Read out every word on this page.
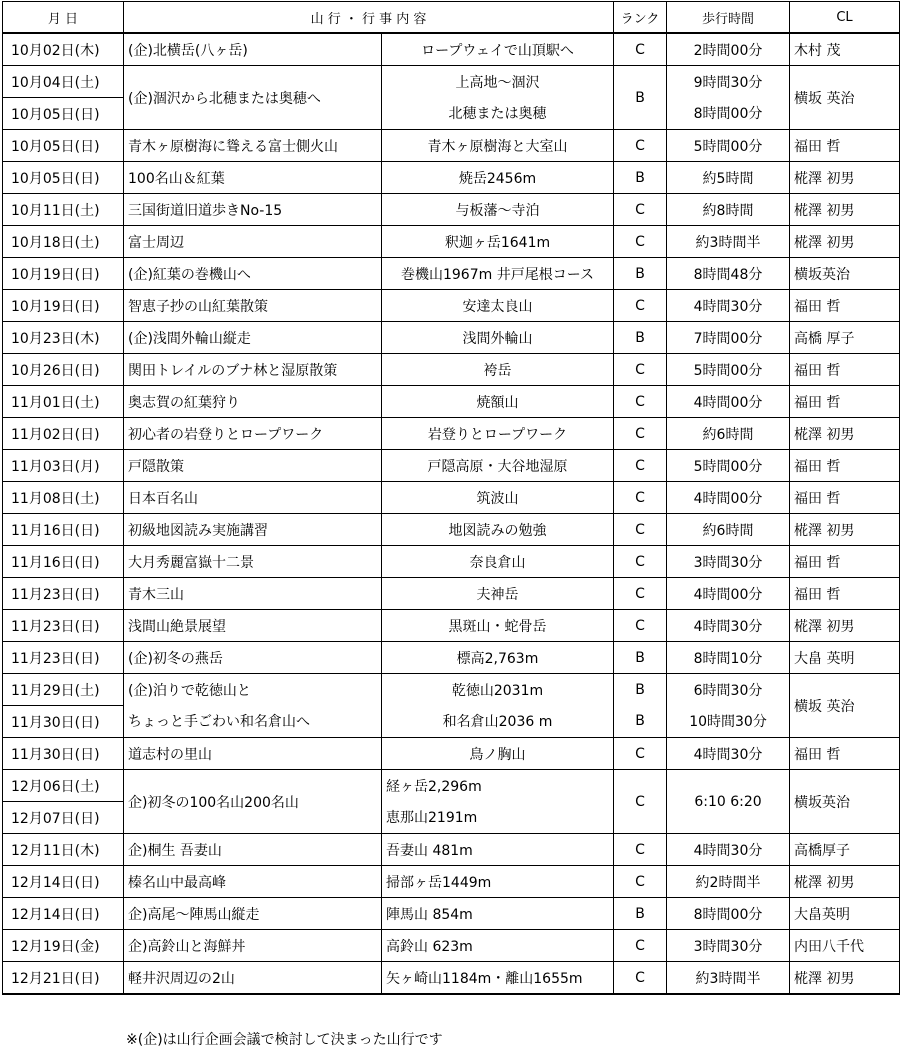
月 日	山 行 ・ 行 事 内 容		ランク	歩行時間	CL
10月02日(木)	(企)北横岳(八ヶ岳)	ロープウェイで山頂駅へ	C	2時間00分	木村 茂
10月04日(土)	(企)涸沢から北穂または奥穂へ	上高地～涸沢	B	9時間30分	横坂 英治
10月05日(日)		北穂または奥穂		8時間00分	
10月05日(日)	青木ヶ原樹海に聳える富士側火山	青木ヶ原樹海と大室山	C	5時間00分	福田 哲
10月05日(日)	100名山＆紅葉	焼岳2456m	B	約5時間	椛澤 初男
10月11日(土)	三国街道旧道歩きNo-15	与板藩～寺泊	C	約8時間	椛澤 初男
10月18日(土)	富士周辺	釈迦ヶ岳1641m	C	約3時間半	椛澤 初男
10月19日(日)	(企)紅葉の巻機山へ	巻機山1967m 井戸尾根コース	B	8時間48分	横坂英治
10月19日(日)	智恵子抄の山紅葉散策	安達太良山	C	4時間30分	福田 哲
10月23日(木)	(企)浅間外輪山縦走	浅間外輪山	B	7時間00分	高橋 厚子
10月26日(日)	関田トレイルのブナ林と湿原散策	袴岳	C	5時間00分	福田 哲
11月01日(土)	奥志賀の紅葉狩り	焼額山	C	4時間00分	福田 哲
11月02日(日)	初心者の岩登りとロープワーク	岩登りとロープワーク	C	約6時間	椛澤 初男
11月03日(月)	戸隠散策	戸隠高原・大谷地湿原	C	5時間00分	福田 哲
11月08日(土)	日本百名山	筑波山	C	4時間00分	福田 哲
11月16日(日)	初級地図読み実施講習	地図読みの勉強	C	約6時間	椛澤 初男
11月16日(日)	大月秀麗富嶽十二景	奈良倉山	C	3時間30分	福田 哲
11月23日(日)	青木三山	夫神岳	C	4時間00分	福田 哲
11月23日(日)	浅間山絶景展望	黒斑山・蛇骨岳	C	4時間30分	椛澤 初男
11月23日(日)	(企)初冬の燕岳	標高2,763m	B	8時間10分	大畠 英明
11月29日(土)	(企)泊りで乾徳山と	乾徳山2031m	B	6時間30分	横坂 英治
11月30日(日)	ちょっと手ごわい和名倉山へ	和名倉山2036 m	B	10時間30分	
11月30日(日)	道志村の里山	鳥ノ胸山	C	4時間30分	福田 哲
12月06日(土)	企)初冬の100名山200名山	経ヶ岳2,296m	C	6:10 6:20	横坂英治
12月07日(日)		恵那山2191m			
12月11日(木)	企)桐生 吾妻山	吾妻山 481m	C	4時間30分	高橋厚子
12月14日(日)	榛名山中最高峰	掃部ヶ岳1449m	C	約2時間半	椛澤 初男
12月14日(日)	企)高尾～陣馬山縦走	陣馬山 854m	B	8時間00分	大畠英明
12月19日(金)	企)高鈴山と海鮮丼	高鈴山 623m	C	3時間30分	内田八千代
12月21日(日)	軽井沢周辺の2山	矢ヶ崎山1184m・離山1655m	C	約3時間半	椛澤 初男
※(企)は山行企画会議で検討して決まった山行です
